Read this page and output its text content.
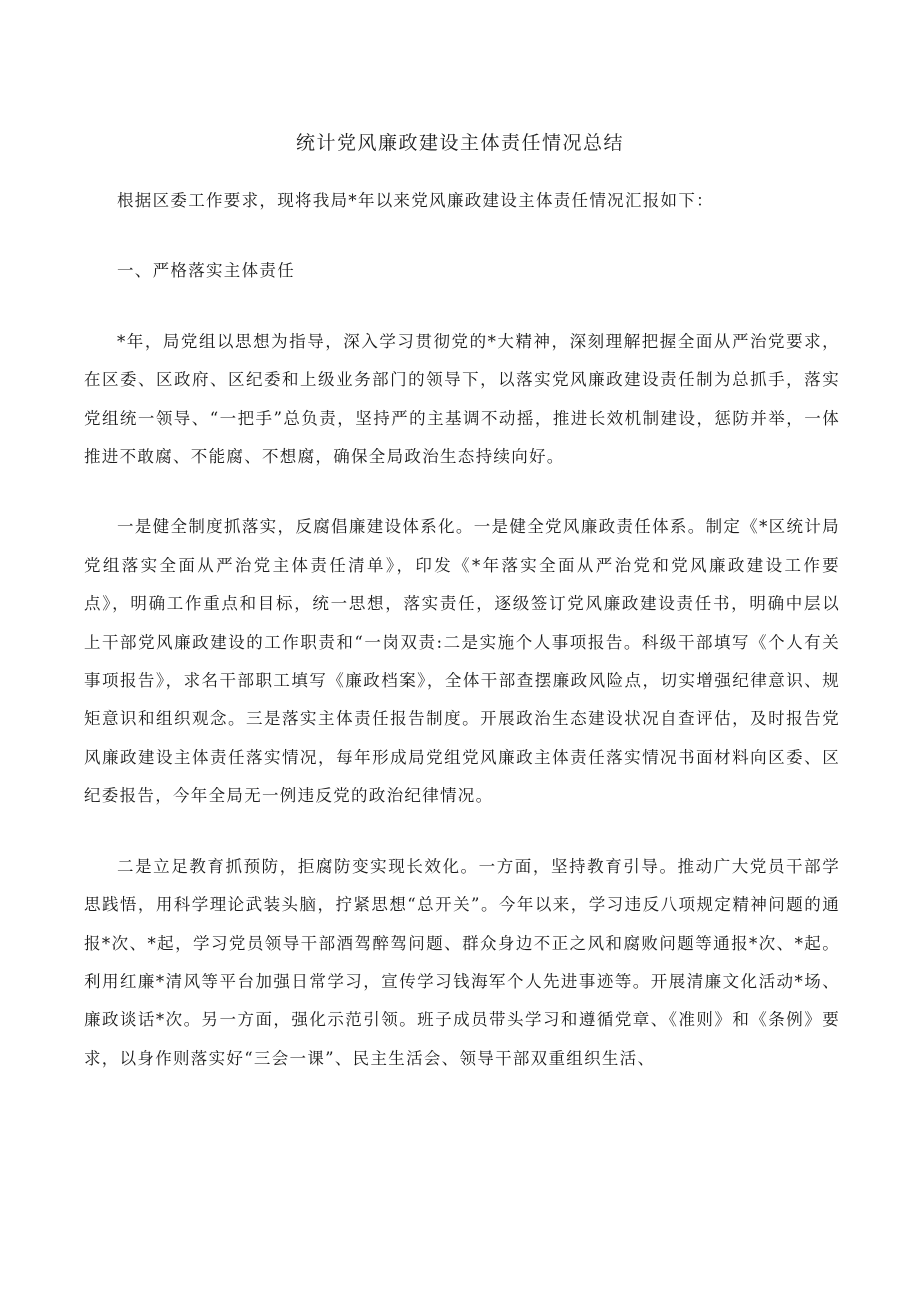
统计党风廉政建设主体责任情况总结

根据区委工作要求，现将我局*年以来党风廉政建设主体责任情况汇报如下：

一、严格落实主体责任

*年，局党组以思想为指导，深入学习贯彻党的*大精神，深刻理解把握全面从严治党要求，在区委、区政府、区纪委和上级业务部门的领导下，以落实党风廉政建设责任制为总抓手，落实党组统一领导、“一把手”总负责，坚持严的主基调不动摇，推进长效机制建设，惩防并举，一体推进不敢腐、不能腐、不想腐，确保全局政治生态持续向好。

一是健全制度抓落实，反腐倡廉建设体系化。一是健全党风廉政责任体系。制定《*区统计局党组落实全面从严治党主体责任清单》，印发《*年落实全面从严治党和党风廉政建设工作要点》，明确工作重点和目标，统一思想，落实责任，逐级签订党风廉政建设责任书，明确中层以上干部党风廉政建设的工作职责和“一岗双责:二是实施个人事项报告。科级干部填写《个人有关事项报告》，求名干部职工填写《廉政档案》，全体干部查摆廉政风险点，切实增强纪律意识、规矩意识和组织观念。三是落实主体责任报告制度。开展政治生态建设状况自查评估，及时报告党风廉政建设主体责任落实情况，每年形成局党组党风廉政主体责任落实情况书面材料向区委、区纪委报告，今年全局无一例违反党的政治纪律情况。

二是立足教育抓预防，拒腐防变实现长效化。一方面，坚持教育引导。推动广大党员干部学思践悟，用科学理论武装头脑，拧紧思想“总开关”。今年以来，学习违反八项规定精神问题的通报*次、*起，学习党员领导干部酒驾醉驾问题、群众身边不正之风和腐败问题等通报*次、*起。利用红廉*清风等平台加强日常学习，宣传学习钱海军个人先进事迹等。开展清廉文化活动*场、廉政谈话*次。另一方面，强化示范引领。班子成员带头学习和遵循党章、《准则》和《条例》要求，以身作则落实好“三会一课”、民主生活会、领导干部双重组织生活、
